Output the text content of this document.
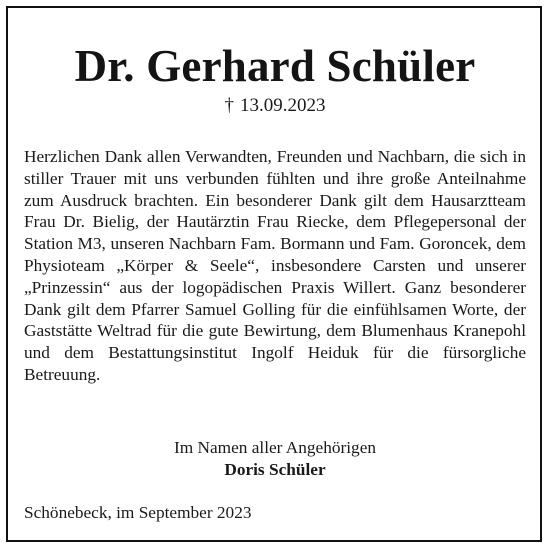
Dr. Gerhard Schüler
† 13.09.2023
Herzlichen Dank allen Verwandten, Freunden und Nachbarn, die sich in stiller Trauer mit uns verbunden fühlten und ihre große Anteilnahme zum Ausdruck brachten. Ein besonderer Dank gilt dem Hausarztteam Frau Dr. Bielig, der Hautärztin Frau Riecke, dem Pflegepersonal der Station M3, unseren Nachbarn Fam. Bormann und Fam. Goroncek, dem Physioteam „Körper & Seele“, insbesondere Carsten und unserer „Prinzessin“ aus der logopädischen Praxis Willert. Ganz besonderer Dank gilt dem Pfarrer Samuel Golling für die einfühlsamen Worte, der Gaststätte Weltrad für die gute Bewirtung, dem Blumenhaus Kranepohl und dem Bestattungsinstitut Ingolf Heiduk für die fürsorgliche Betreuung.
Im Namen aller Angehörigen
Doris Schüler
Schönebeck, im September 2023
